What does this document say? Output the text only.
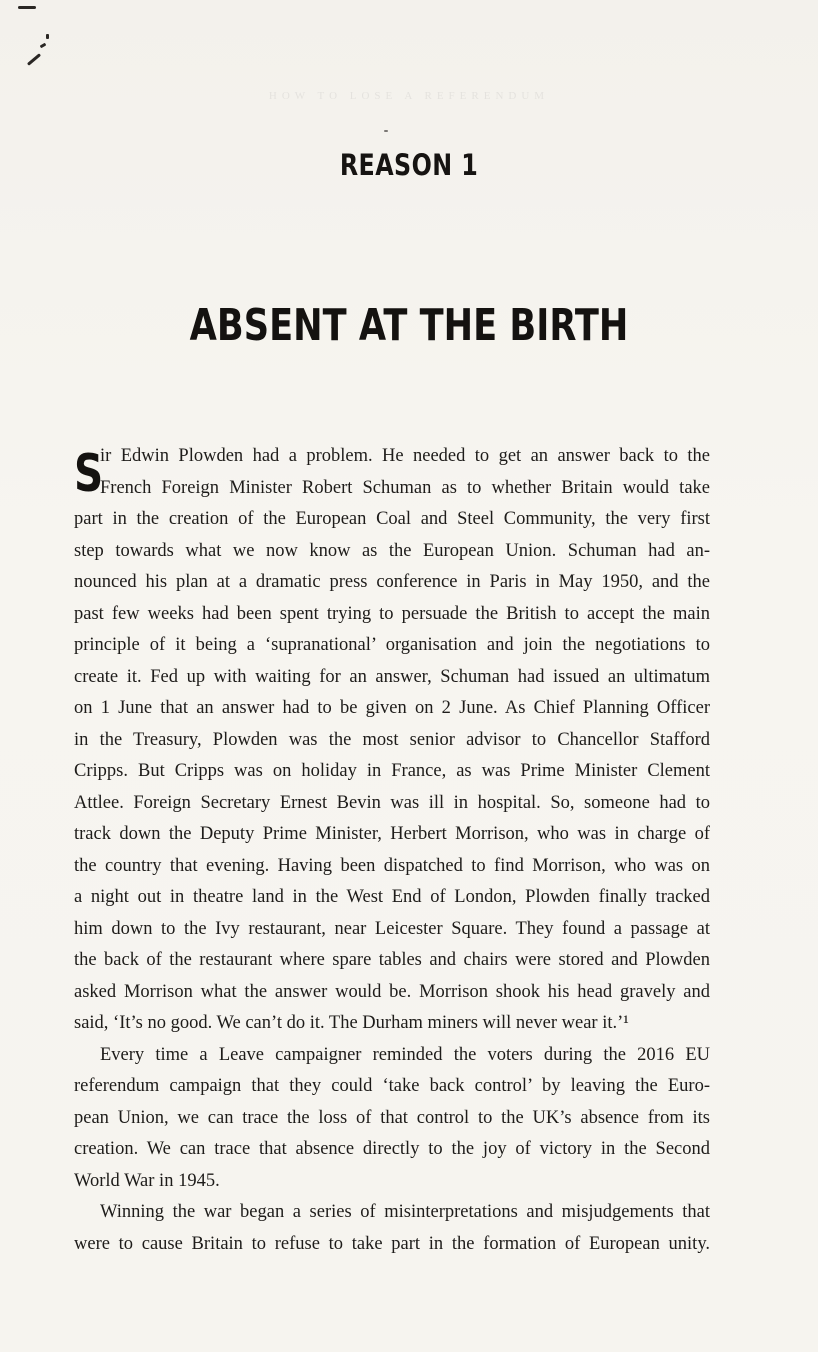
HOW TO LOSE A REFERENDUM
REASON 1
ABSENT AT THE BIRTH
S
ir Edwin Plowden had a problem. He needed to get an answer back to the
French Foreign Minister Robert Schuman as to whether Britain would take
part in the creation of the European Coal and Steel Community, the very first
step towards what we now know as the European Union. Schuman had an-
nounced his plan at a dramatic press conference in Paris in May 1950, and the
past few weeks had been spent trying to persuade the British to accept the main
principle of it being a ‘supranational’ organisation and join the negotiations to
create it. Fed up with waiting for an answer, Schuman had issued an ultimatum
on 1 June that an answer had to be given on 2 June. As Chief Planning Officer
in the Treasury, Plowden was the most senior advisor to Chancellor Stafford
Cripps. But Cripps was on holiday in France, as was Prime Minister Clement
Attlee. Foreign Secretary Ernest Bevin was ill in hospital. So, someone had to
track down the Deputy Prime Minister, Herbert Morrison, who was in charge of
the country that evening. Having been dispatched to find Morrison, who was on
a night out in theatre land in the West End of London, Plowden finally tracked
him down to the Ivy restaurant, near Leicester Square. They found a passage at
the back of the restaurant where spare tables and chairs were stored and Plowden
asked Morrison what the answer would be. Morrison shook his head gravely and
said, ‘It’s no good. We can’t do it. The Durham miners will never wear it.’¹
Every time a Leave campaigner reminded the voters during the 2016 EU
referendum campaign that they could ‘take back control’ by leaving the Euro-
pean Union, we can trace the loss of that control to the UK’s absence from its
creation. We can trace that absence directly to the joy of victory in the Second
World War in 1945.
Winning the war began a series of misinterpretations and misjudgements that
were to cause Britain to refuse to take part in the formation of European unity.
